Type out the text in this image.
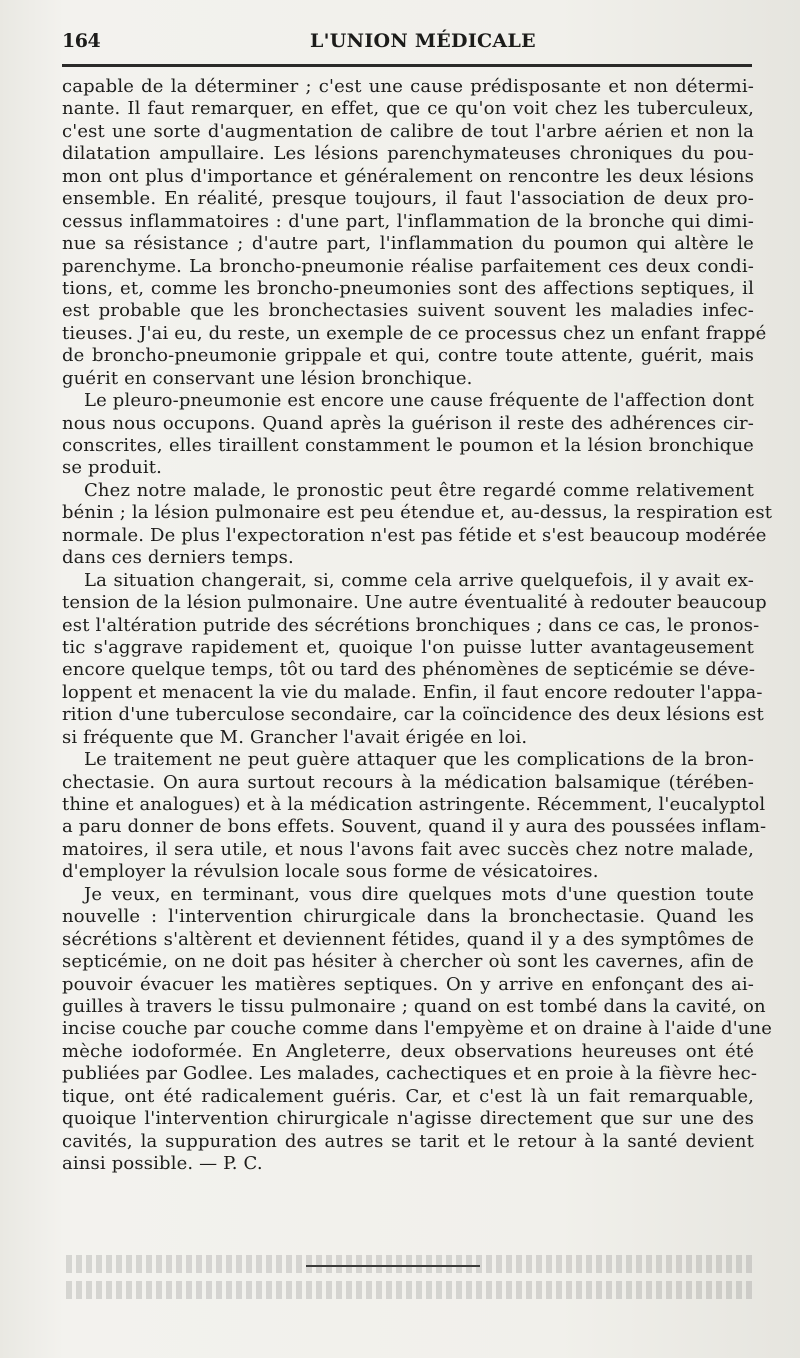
164	L'UNION MÉDICALE
capable de la déterminer ; c'est une cause prédisposante et non détermi-
nante. Il faut remarquer, en effet, que ce qu'on voit chez les tuberculeux,
c'est une sorte d'augmentation de calibre de tout l'arbre aérien et non la
dilatation ampullaire. Les lésions parenchymateuses chroniques du pou-
mon ont plus d'importance et généralement on rencontre les deux lésions
ensemble. En réalité, presque toujours, il faut l'association de deux pro-
cessus inflammatoires : d'une part, l'inflammation de la bronche qui dimi-
nue sa résistance ; d'autre part, l'inflammation du poumon qui altère le
parenchyme. La broncho-pneumonie réalise parfaitement ces deux condi-
tions, et, comme les broncho-pneumonies sont des affections septiques, il
est probable que les bronchectasies suivent souvent les maladies infec-
tieuses. J'ai eu, du reste, un exemple de ce processus chez un enfant frappé
de broncho-pneumonie grippale et qui, contre toute attente, guérit, mais
guérit en conservant une lésion bronchique.
Le pleuro-pneumonie est encore une cause fréquente de l'affection dont
nous nous occupons. Quand après la guérison il reste des adhérences cir-
conscrites, elles tiraillent constamment le poumon et la lésion bronchique
se produit.
Chez notre malade, le pronostic peut être regardé comme relativement
bénin ; la lésion pulmonaire est peu étendue et, au-dessus, la respiration est
normale. De plus l'expectoration n'est pas fétide et s'est beaucoup modérée
dans ces derniers temps.
La situation changerait, si, comme cela arrive quelquefois, il y avait ex-
tension de la lésion pulmonaire. Une autre éventualité à redouter beaucoup
est l'altération putride des sécrétions bronchiques ; dans ce cas, le pronos-
tic s'aggrave rapidement et, quoique l'on puisse lutter avantageusement
encore quelque temps, tôt ou tard des phénomènes de septicémie se déve-
loppent et menacent la vie du malade. Enfin, il faut encore redouter l'appa-
rition d'une tuberculose secondaire, car la coïncidence des deux lésions est
si fréquente que M. Grancher l'avait érigée en loi.
Le traitement ne peut guère attaquer que les complications de la bron-
chectasie. On aura surtout recours à la médication balsamique (térében-
thine et analogues) et à la médication astringente. Récemment, l'eucalyptol
a paru donner de bons effets. Souvent, quand il y aura des poussées inflam-
matoires, il sera utile, et nous l'avons fait avec succès chez notre malade,
d'employer la révulsion locale sous forme de vésicatoires.
Je veux, en terminant, vous dire quelques mots d'une question toute
nouvelle : l'intervention chirurgicale dans la bronchectasie. Quand les
sécrétions s'altèrent et deviennent fétides, quand il y a des symptômes de
septicémie, on ne doit pas hésiter à chercher où sont les cavernes, afin de
pouvoir évacuer les matières septiques. On y arrive en enfonçant des ai-
guilles à travers le tissu pulmonaire ; quand on est tombé dans la cavité, on
incise couche par couche comme dans l'empyème et on draine à l'aide d'une
mèche iodoformée. En Angleterre, deux observations heureuses ont été
publiées par Godlee. Les malades, cachectiques et en proie à la fièvre hec-
tique, ont été radicalement guéris. Car, et c'est là un fait remarquable,
quoique l'intervention chirurgicale n'agisse directement que sur une des
cavités, la suppuration des autres se tarit et le retour à la santé devient
ainsi possible. — P. C.
